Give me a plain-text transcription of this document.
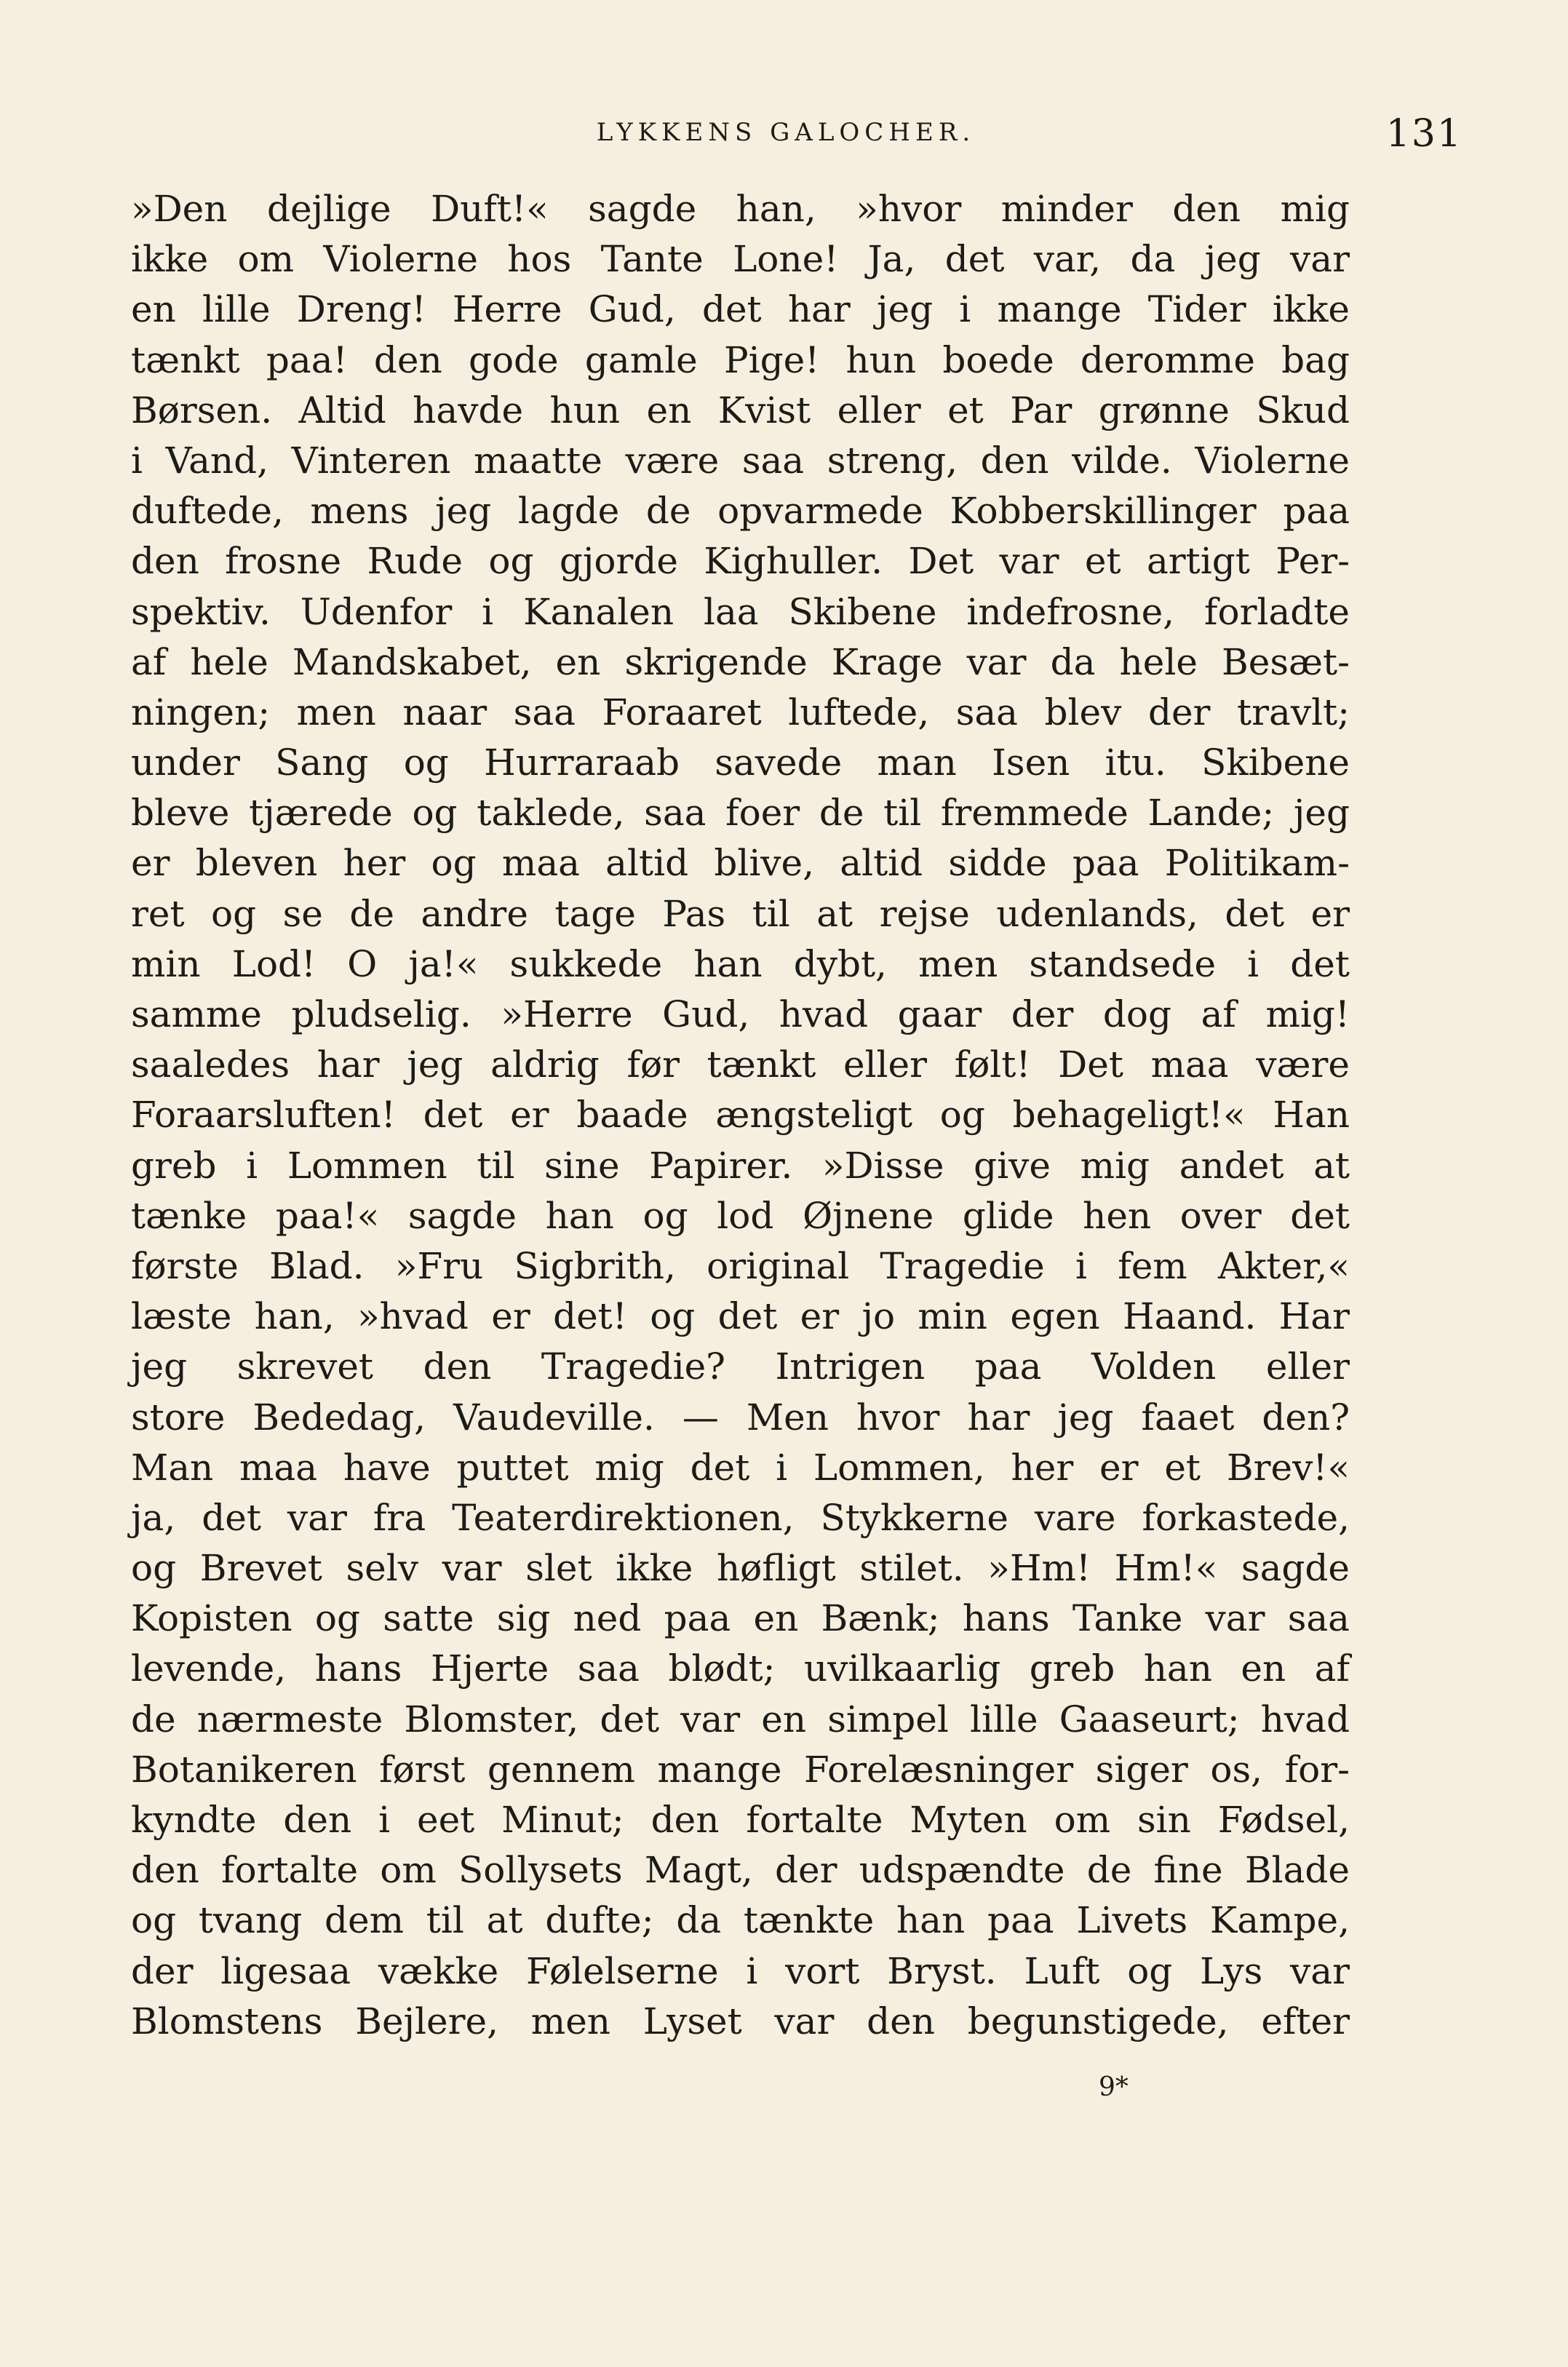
LYKKENS GALOCHER.	131
»Den dejlige Duft!« sagde han, »hvor minder den mig
ikke om Violerne hos Tante Lone! Ja, det var, da jeg var
en lille Dreng! Herre Gud, det har jeg i mange Tider ikke
tænkt paa! den gode gamle Pige! hun boede deromme bag
Børsen. Altid havde hun en Kvist eller et Par grønne Skud
i Vand, Vinteren maatte være saa streng, den vilde. Violerne
duftede, mens jeg lagde de opvarmede Kobberskillinger paa
den frosne Rude og gjorde Kighuller. Det var et artigt Per-
spektiv. Udenfor i Kanalen laa Skibene indefrosne, forladte
af hele Mandskabet, en skrigende Krage var da hele Besæt-
ningen; men naar saa Foraaret luftede, saa blev der travlt;
under Sang og Hurraraab savede man Isen itu. Skibene
bleve tjærede og taklede, saa foer de til fremmede Lande; jeg
er bleven her og maa altid blive, altid sidde paa Politikam-
ret og se de andre tage Pas til at rejse udenlands, det er
min Lod! O ja!« sukkede han dybt, men standsede i det
samme pludselig. »Herre Gud, hvad gaar der dog af mig!
saaledes har jeg aldrig før tænkt eller følt! Det maa være
Foraarsluften! det er baade ængsteligt og behageligt!« Han
greb i Lommen til sine Papirer. »Disse give mig andet at
tænke paa!« sagde han og lod Øjnene glide hen over det
første Blad. »Fru Sigbrith, original Tragedie i fem Akter,«
læste han, »hvad er det! og det er jo min egen Haand. Har
jeg skrevet den Tragedie? Intrigen paa Volden eller
store Bededag, Vaudeville. — Men hvor har jeg faaet den?
Man maa have puttet mig det i Lommen, her er et Brev!«
ja, det var fra Teaterdirektionen, Stykkerne vare forkastede,
og Brevet selv var slet ikke høfligt stilet. »Hm! Hm!« sagde
Kopisten og satte sig ned paa en Bænk; hans Tanke var saa
levende, hans Hjerte saa blødt; uvilkaarlig greb han en af
de nærmeste Blomster, det var en simpel lille Gaaseurt; hvad
Botanikeren først gennem mange Forelæsninger siger os, for-
kyndte den i eet Minut; den fortalte Myten om sin Fødsel,
den fortalte om Sollysets Magt, der udspændte de fine Blade
og tvang dem til at dufte; da tænkte han paa Livets Kampe,
der ligesaa vække Følelserne i vort Bryst. Luft og Lys var
Blomstens Bejlere, men Lyset var den begunstigede, efter
9*
